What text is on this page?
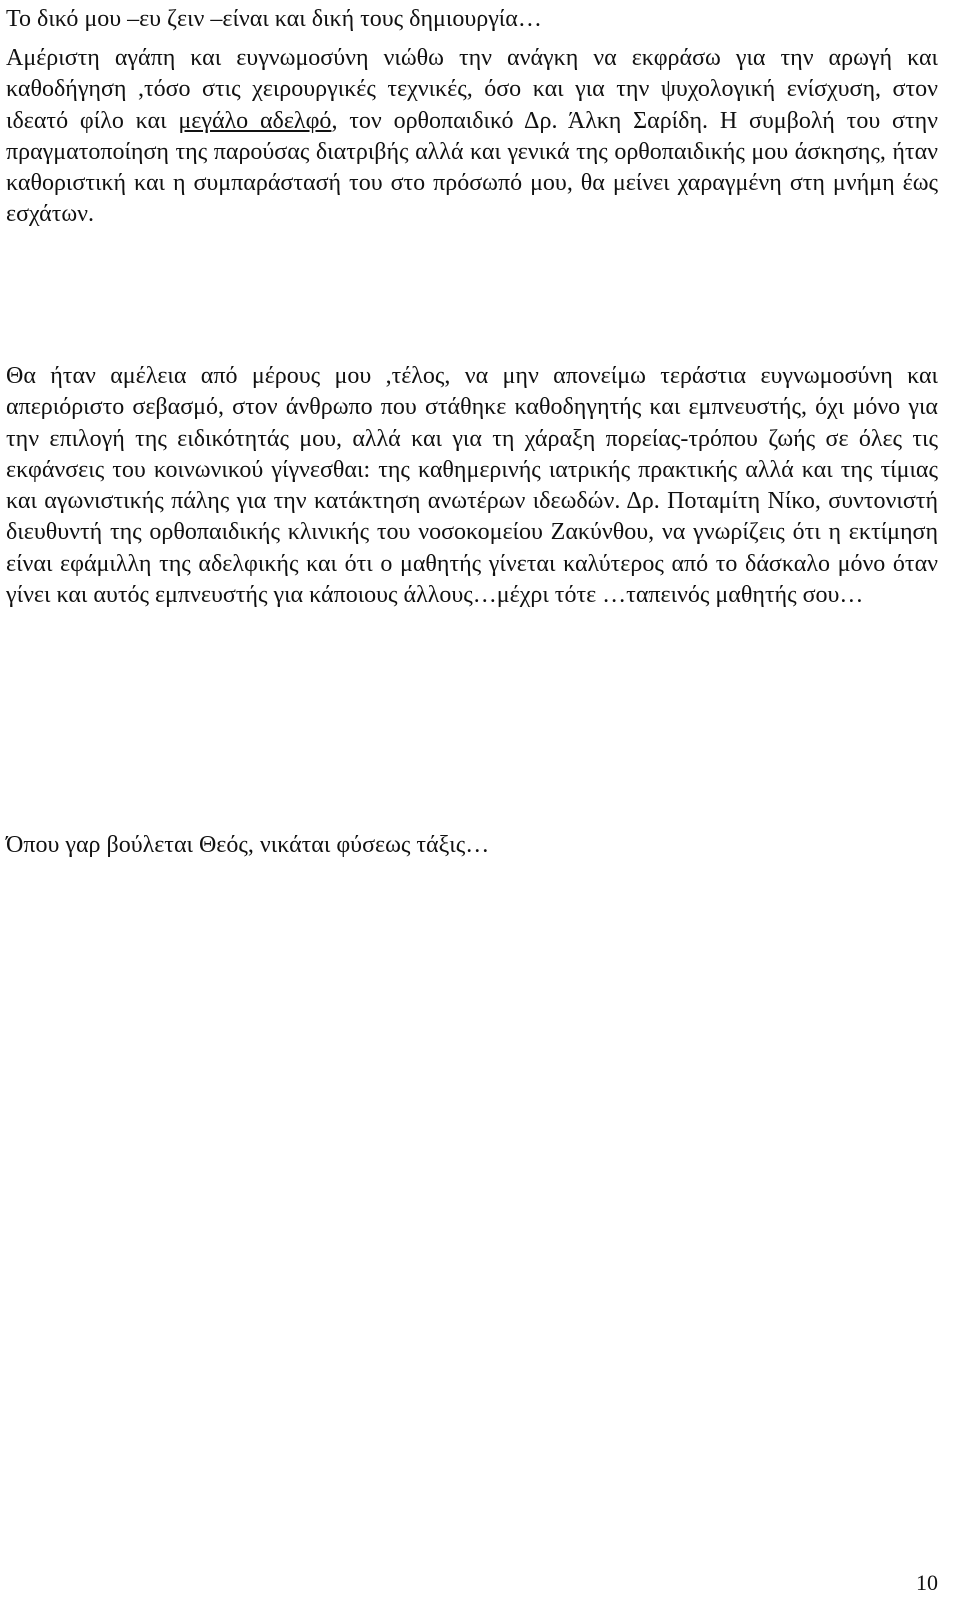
Το δικό μου –ευ ζειν –είναι και δική τους δημιουργία…

Αμέριστη αγάπη και ευγνωμοσύνη νιώθω την ανάγκη να εκφράσω για την αρωγή και καθοδήγηση ,τόσο στις χειρουργικές τεχνικές, όσο και για την ψυχολογική ενίσχυση, στον ιδεατό φίλο και μεγάλο αδελφό, τον ορθοπαιδικό Δρ. Άλκη Σαρίδη. Η συμβολή του στην πραγματοποίηση της παρούσας διατριβής αλλά και γενικά της ορθοπαιδικής μου άσκησης, ήταν καθοριστική και η συμπαράστασή του στο πρόσωπό μου, θα μείνει χαραγμένη στη μνήμη έως εσχάτων.

Θα ήταν αμέλεια από μέρους μου ,τέλος, να μην απονείμω τεράστια ευγνωμοσύνη και απεριόριστο σεβασμό, στον άνθρωπο που στάθηκε καθοδηγητής και εμπνευστής, όχι μόνο για την επιλογή της ειδικότητάς μου, αλλά και για τη χάραξη πορείας-τρόπου ζωής σε όλες τις εκφάνσεις του κοινωνικού γίγνεσθαι: της καθημερινής ιατρικής πρακτικής αλλά και της τίμιας και αγωνιστικής πάλης για την κατάκτηση ανωτέρων ιδεωδών. Δρ. Ποταμίτη Νίκο, συντονιστή διευθυντή της ορθοπαιδικής κλινικής του νοσοκομείου Ζακύνθου, να γνωρίζεις ότι η εκτίμηση είναι εφάμιλλη της αδελφικής και ότι ο μαθητής γίνεται καλύτερος από το δάσκαλο μόνο όταν γίνει και αυτός εμπνευστής για κάποιους άλλους…μέχρι τότε …ταπεινός μαθητής σου…

Όπου γαρ βούλεται Θεός, νικάται φύσεως τάξις…
10
